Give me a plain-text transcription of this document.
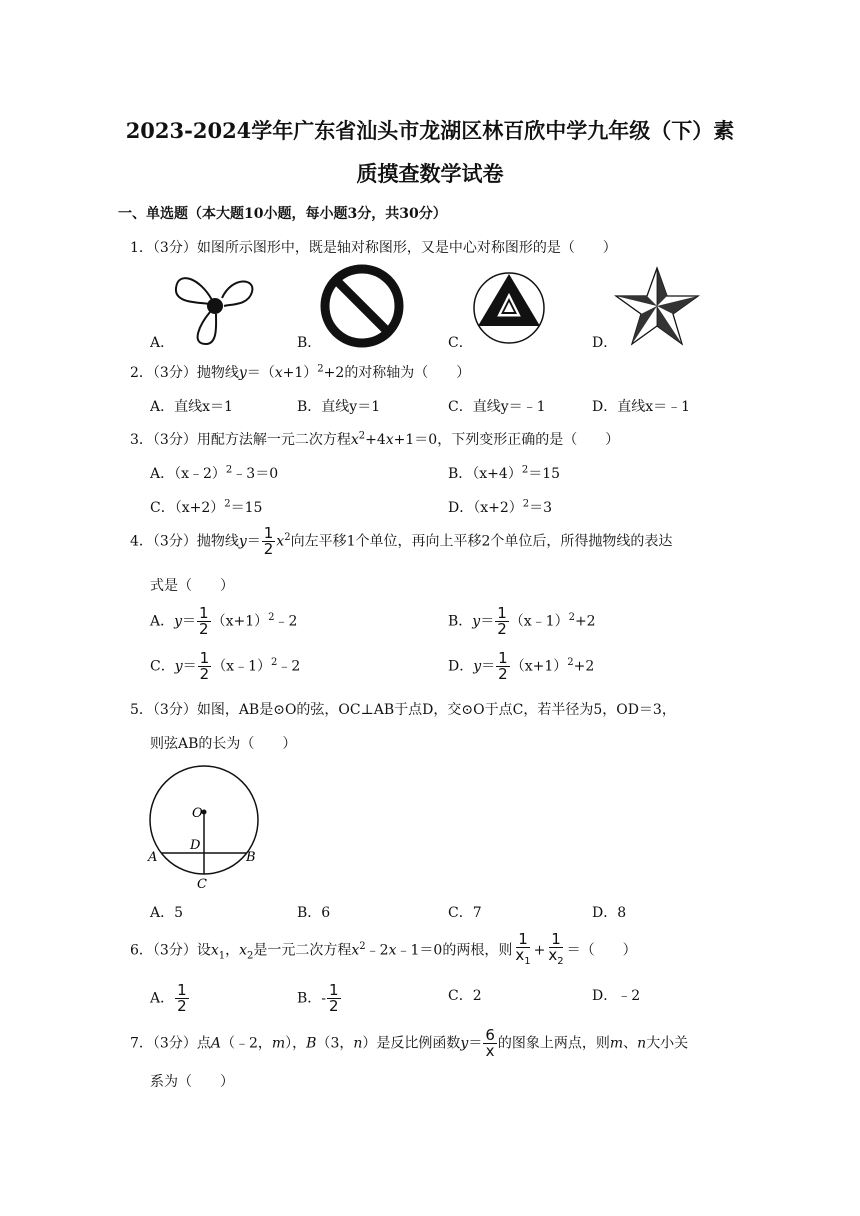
2023-2024学年广东省汕头市龙湖区林百欣中学九年级（下）素
质摸查数学试卷
一、单选题（本大题10小题，每小题3分，共30分）
1．（3分）如图所示图形中，既是轴对称图形，又是中心对称图形的是（　　）
A．	B．	C．	D．
2．（3分）抛物线$y=(x+1)^2+2$的对称轴为（　　）
A．直线x＝1	B．直线y＝1	C．直线y＝﹣1	D．直线x＝﹣1
3．（3分）用配方法解一元二次方程$x^2+4x+1=0$，下列变形正确的是（　　）
A．（x﹣2）$^2$﹣3＝0	B．$(x+4)^2=15$
C．$(x+2)^2=15$	D．$(x+2)^2=3$
4．（3分）抛物线$y= \frac{1}{2} x^2$向左平移1个单位，再向上平移2个单位后，所得抛物线的表达
式是（　　）
A．$y= \frac{1}{2}$ $(x+1)^2﹣2$	B．$y= \frac{1}{2}$ （x﹣1）$^2$+2
C．$y= \frac{1}{2}$ （x﹣1）$^2$﹣2	D．$y= \frac{1}{2} (x+1)^2+2$
5．（3分）如图，AB是⊙O的弦，OC⊥AB于点D，交⊙O于点C，若半径为5，OD＝3，
则弦AB的长为（　　）
O
D
A	B
C
A．5	B．6	C．7	D．8
6．（3分）设$x_1$，$x_2$是一元二次方程$x^2﹣2x﹣1=0$的两根，则 $\frac{1}{x_1} + \frac{1}{x_2}$ ＝（　　）
A． $\frac{1}{2}$	B．- $\frac{1}{2}$	C．2	D．﹣2
7．（3分）点A（﹣2，m），B（3，n）是反比例函数$y= \frac{6}{x}$ 的图象上两点，则m、n大小关
系为（　　）
